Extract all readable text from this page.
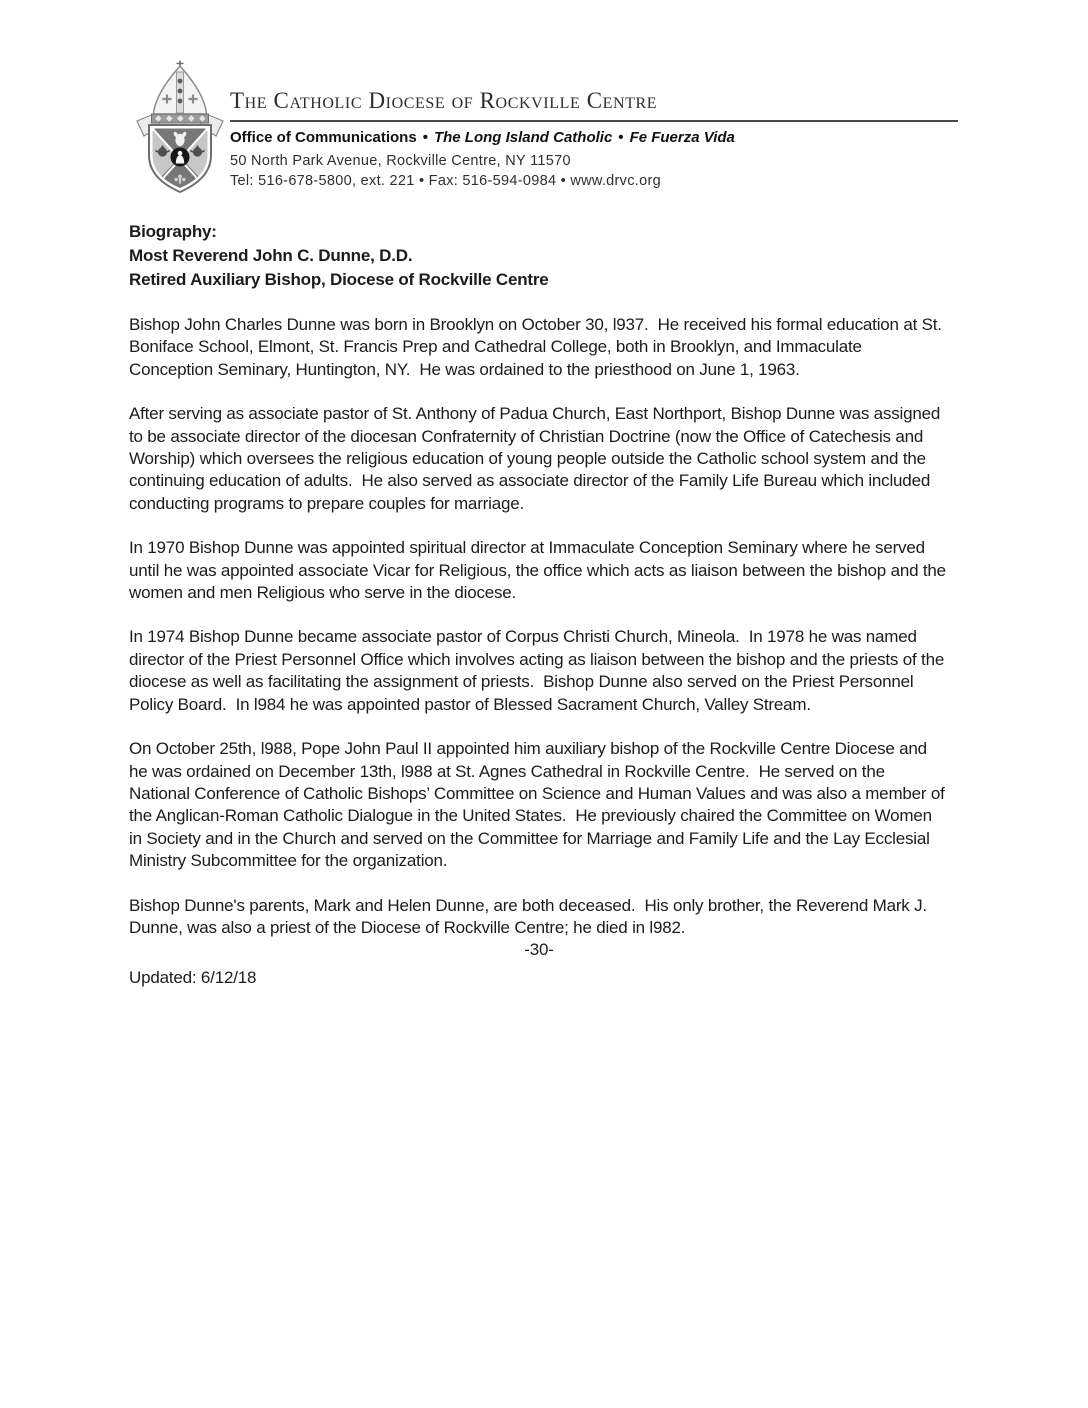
The Catholic Diocese of Rockville Centre
Office of Communications • The Long Island Catholic • Fe Fuerza Vida
50 North Park Avenue, Rockville Centre, NY 11570
Tel: 516-678-5800, ext. 221 • Fax: 516-594-0984 • www.drvc.org
Biography:
Most Reverend John C. Dunne, D.D.
Retired Auxiliary Bishop, Diocese of Rockville Centre

Bishop John Charles Dunne was born in Brooklyn on October 30, l937.  He received his formal education at St. Boniface School, Elmont, St. Francis Prep and Cathedral College, both in Brooklyn, and Immaculate Conception Seminary, Huntington, NY.  He was ordained to the priesthood on June 1, 1963.

After serving as associate pastor of St. Anthony of Padua Church, East Northport, Bishop Dunne was assigned to be associate director of the diocesan Confraternity of Christian Doctrine (now the Office of Catechesis and Worship) which oversees the religious education of young people outside the Catholic school system and the continuing education of adults.  He also served as associate director of the Family Life Bureau which included conducting programs to prepare couples for marriage.

In 1970 Bishop Dunne was appointed spiritual director at Immaculate Conception Seminary where he served until he was appointed associate Vicar for Religious, the office which acts as liaison between the bishop and the women and men Religious who serve in the diocese.

In 1974 Bishop Dunne became associate pastor of Corpus Christi Church, Mineola.  In 1978 he was named director of the Priest Personnel Office which involves acting as liaison between the bishop and the priests of the diocese as well as facilitating the assignment of priests.  Bishop Dunne also served on the Priest Personnel Policy Board.  In l984 he was appointed pastor of Blessed Sacrament Church, Valley Stream.

On October 25th, l988, Pope John Paul II appointed him auxiliary bishop of the Rockville Centre Diocese and he was ordained on December 13th, l988 at St. Agnes Cathedral in Rockville Centre.  He served on the National Conference of Catholic Bishops’ Committee on Science and Human Values and was also a member of the Anglican-Roman Catholic Dialogue in the United States.  He previously chaired the Committee on Women in Society and in the Church and served on the Committee for Marriage and Family Life and the Lay Ecclesial Ministry Subcommittee for the organization.

Bishop Dunne's parents, Mark and Helen Dunne, are both deceased.  His only brother, the Reverend Mark J. Dunne, was also a priest of the Diocese of Rockville Centre; he died in l982.

-30-
Updated: 6/12/18
